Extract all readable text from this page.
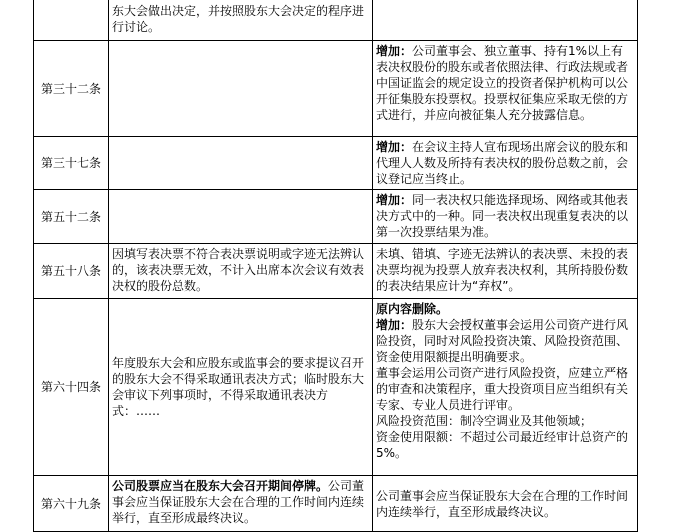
	东大会做出决定，并按照股东大会决定的程序进行讨论。	
第三十二条		增加：公司董事会、独立董事、持有1%以上有表决权股份的股东或者依照法律、行政法规或者中国证监会的规定设立的投资者保护机构可以公开征集股东投票权。投票权征集应采取无偿的方式进行，并应向被征集人充分披露信息。
第三十七条		增加：在会议主持人宣布现场出席会议的股东和代理人人数及所持有表决权的股份总数之前，会议登记应当终止。
第五十二条		增加：同一表决权只能选择现场、网络或其他表决方式中的一种。同一表决权出现重复表决的以第一次投票结果为准。
第五十八条	因填写表决票不符合表决票说明或字迹无法辨认的，该表决票无效，不计入出席本次会议有效表决权的股份总数。	未填、错填、字迹无法辨认的表决票、未投的表决票均视为投票人放弃表决权利，其所持股份数的表决结果应计为“弃权”。
第六十四条	年度股东大会和应股东或监事会的要求提议召开的股东大会不得采取通讯表决方式；临时股东大会审议下列事项时，不得采取通讯表决方式：……	原内容删除。
增加：股东大会授权董事会运用公司资产进行风险投资，同时对风险投资决策、风险投资范围、资金使用限额提出明确要求。
董事会运用公司资产进行风险投资，应建立严格的审查和决策程序，重大投资项目应当组织有关专家、专业人员进行评审。
风险投资范围：制冷空调业及其他领域；
资金使用限额：不超过公司最近经审计总资产的5%。

第六十九条	公司股票应当在股东大会召开期间停牌。公司董事会应当保证股东大会在合理的工作时间内连续举行，直至形成最终决议。	公司董事会应当保证股东大会在合理的工作时间内连续举行，直至形成最终决议。
